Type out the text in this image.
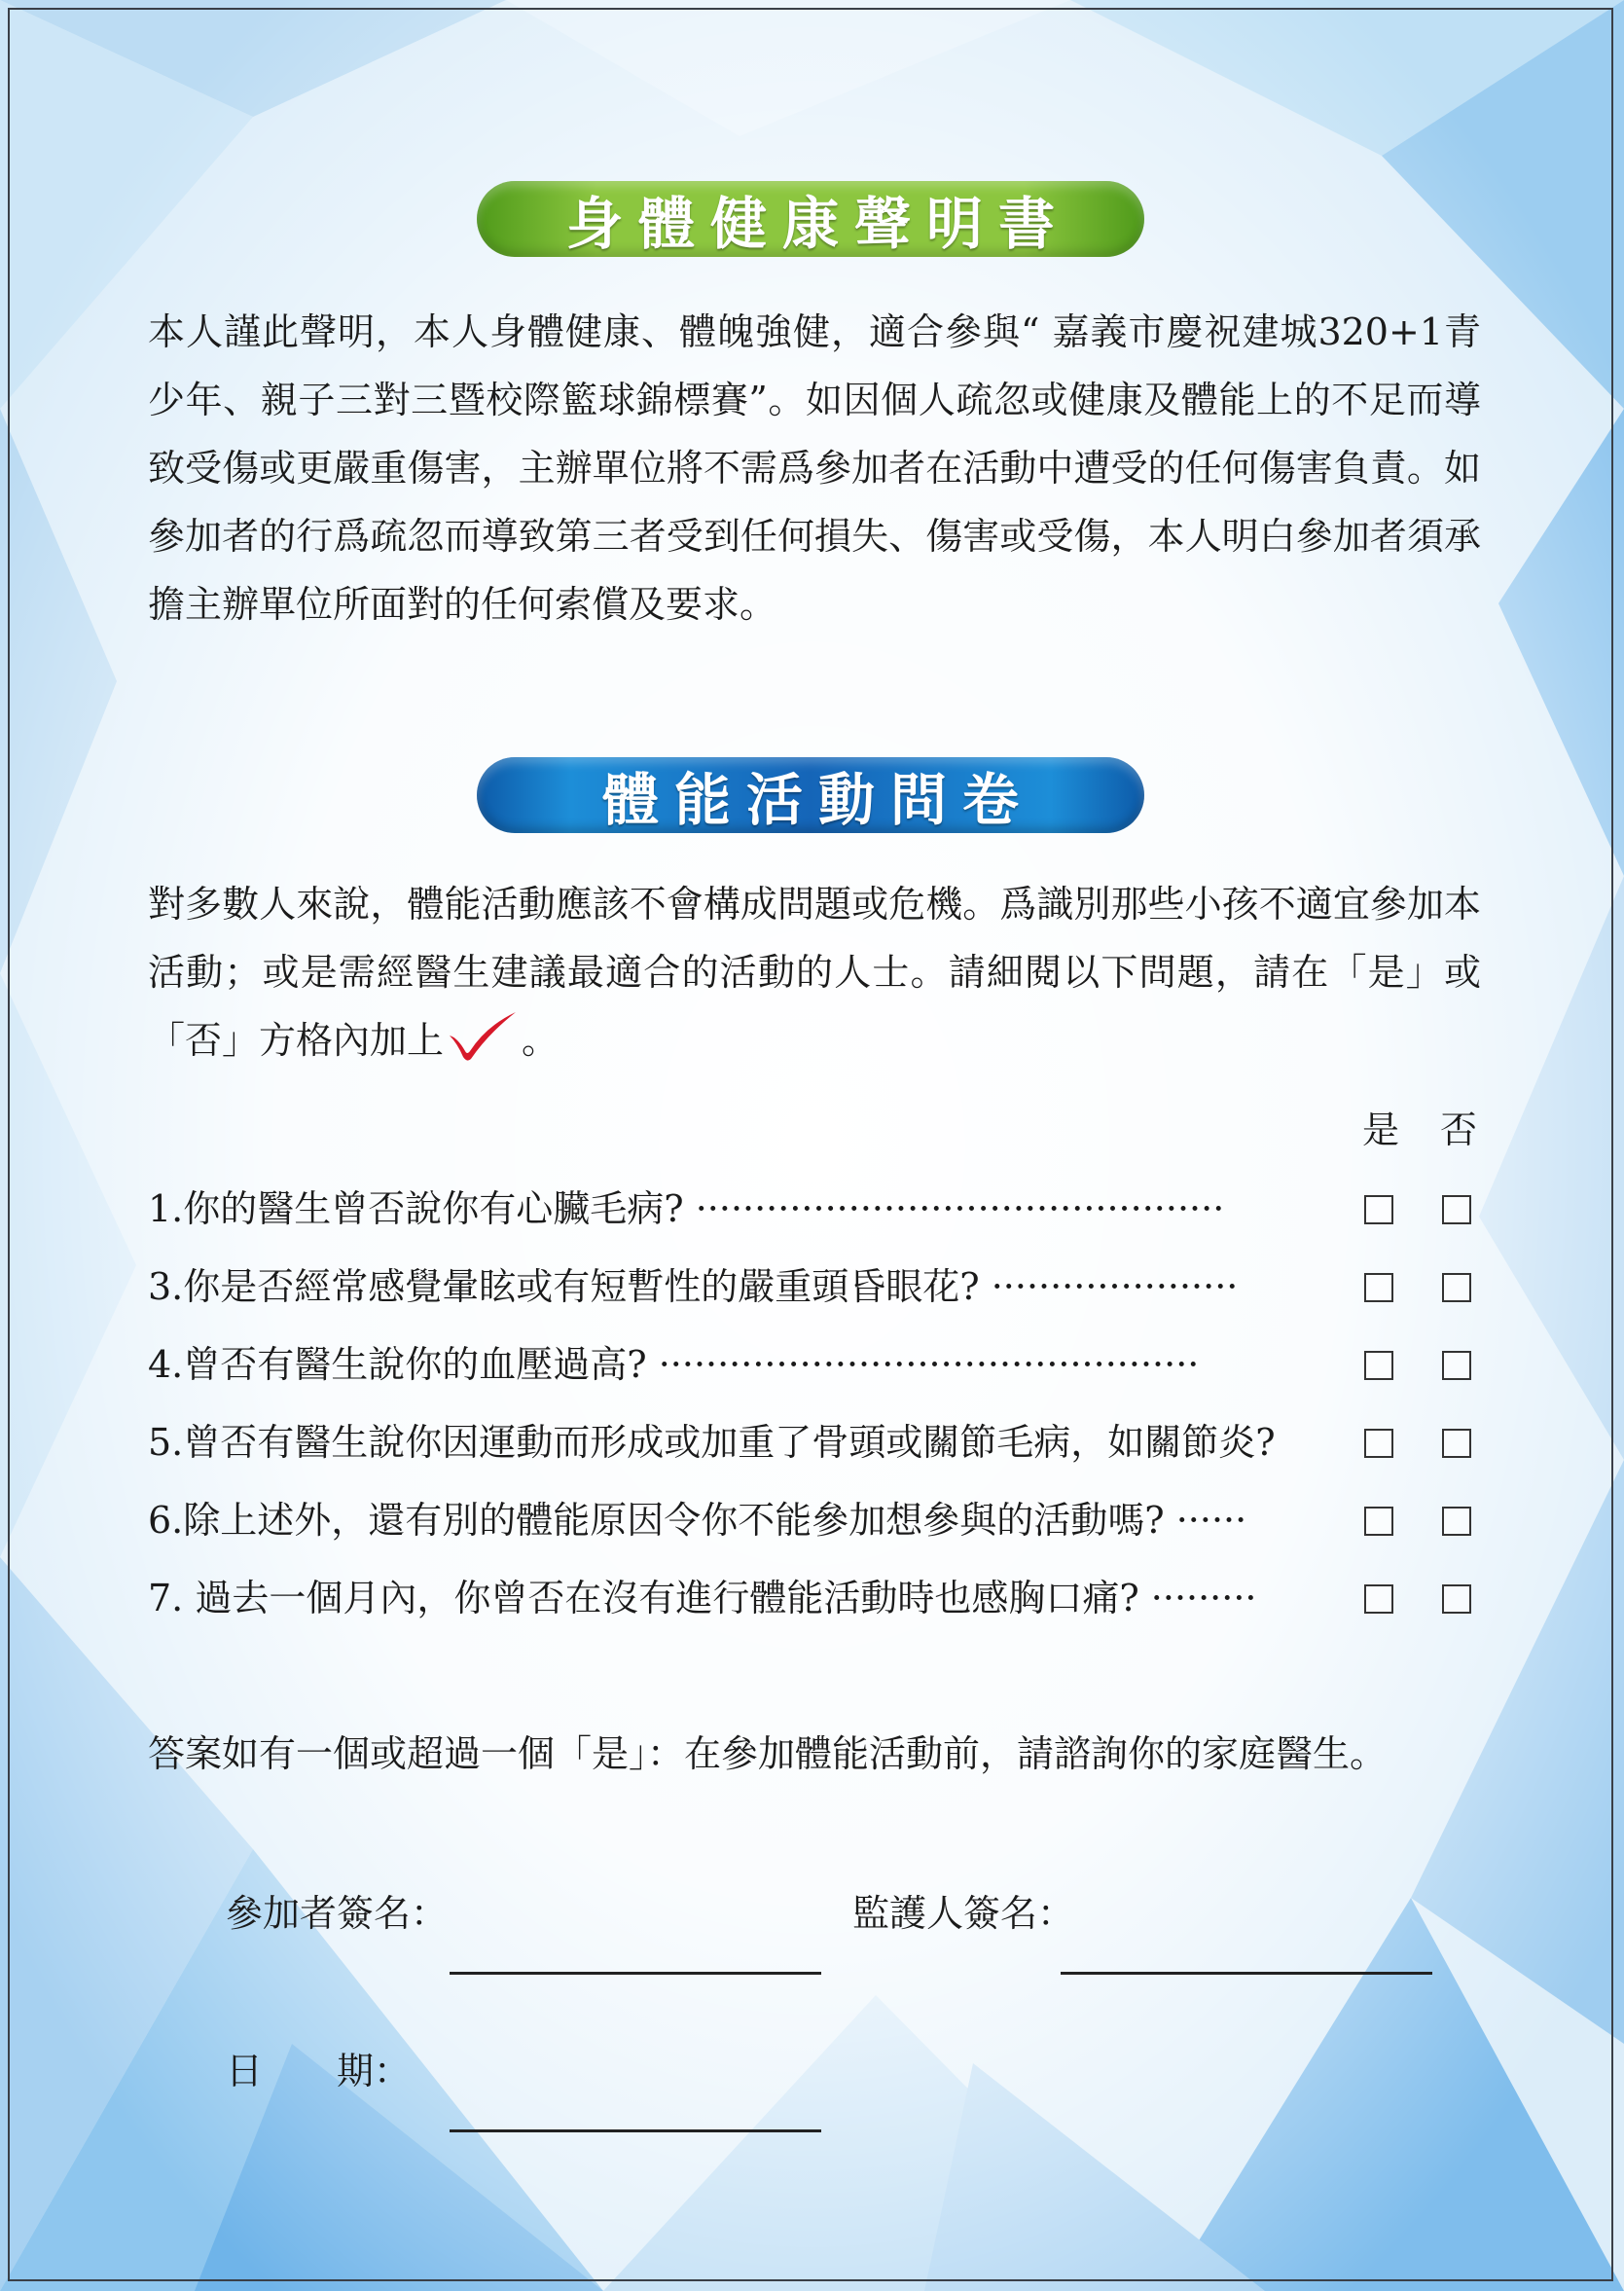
身體健康聲明書
本人謹此聲明，本人身體健康、體魄強健，適合參與“ 嘉義市慶祝建城320+1青少年、親子三對三暨校際籃球錦標賽”。如因個人疏忽或健康及體能上的不足而導致受傷或更嚴重傷害，主辦單位將不需爲參加者在活動中遭受的任何傷害負責。如參加者的行爲疏忽而導致第三者受到任何損失、傷害或受傷，本人明白參加者須承擔主辦單位所面對的任何索償及要求。
體能活動問卷
對多數人來說，體能活動應該不會構成問題或危機。爲識別那些小孩不適宜參加本活動；或是需經醫生建議最適合的活動的人士。請細閱以下問題，請在「是」或「否」方格內加上 。
是 否
1.你的醫生曾否說你有心臟毛病? ·············································
3.你是否經常感覺暈眩或有短暫性的嚴重頭昏眼花? ·····················
4.曾否有醫生說你的血壓過高? ··············································
5.曾否有醫生說你因運動而形成或加重了骨頭或關節毛病，如關節炎?
6.除上述外，還有別的體能原因令你不能參加想參與的活動嗎? ······
7. 過去一個月內，你曾否在沒有進行體能活動時也感胸口痛? ·········
答案如有一個或超過一個「是」：在參加體能活動前，請諮詢你的家庭醫生。
參加者簽名：	監護人簽名：
日　　期：
